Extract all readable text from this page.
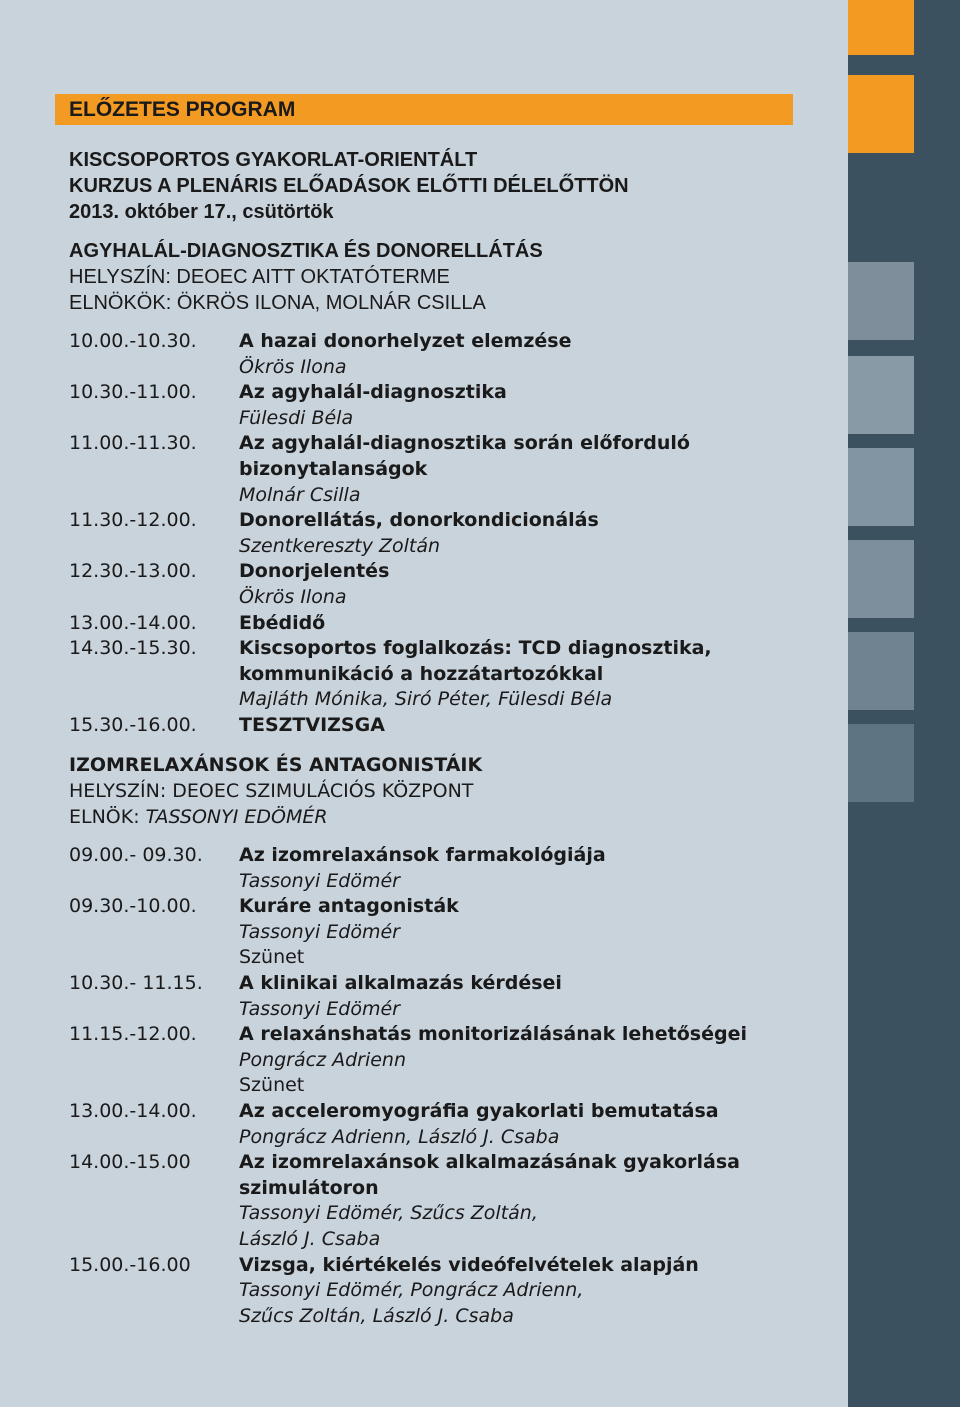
ELŐZETES PROGRAM
KISCSOPORTOS GYAKORLAT-ORIENTÁLT
KURZUS A PLENÁRIS ELŐADÁSOK ELŐTTI DÉLELŐTTÖN
2013. október 17., csütörtök
AGYHALÁL-DIAGNOSZTIKA ÉS DONORELLÁTÁS
HELYSZÍN: DEOEC AITT OKTATÓTERME
ELNÖKÖK: ÖKRÖS ILONA, MOLNÁR CSILLA
10.00.-10.30.	A hazai donorhelyzet elemzése
Ökrös Ilona
10.30.-11.00.	Az agyhalál-diagnosztika
Fülesdi Béla
11.00.-11.30.	Az agyhalál-diagnosztika során előforduló
bizonytalanságok
Molnár Csilla
11.30.-12.00.	Donorellátás, donorkondicionálás
Szentkereszty Zoltán
12.30.-13.00.	Donorjelentés
Ökrös Ilona
13.00.-14.00.	Ebédidő
14.30.-15.30.	Kiscsoportos foglalkozás: TCD diagnosztika,
kommunikáció a hozzátartozókkal
Majláth Mónika, Siró Péter, Fülesdi Béla
15.30.-16.00.	TESZTVIZSGA
IZOMRELAXÁNSOK ÉS ANTAGONISTÁIK
HELYSZÍN: DEOEC SZIMULÁCIÓS KÖZPONT
ELNÖK: TASSONYI EDÖMÉR
09.00.- 09.30.	Az izomrelaxánsok farmakológiája
Tassonyi Edömér
09.30.-10.00.	Kuráre antagonisták
Tassonyi Edömér
Szünet
10.30.- 11.15.	A klinikai alkalmazás kérdései
Tassonyi Edömér
11.15.-12.00.	A relaxánshatás monitorizálásának lehetőségei
Pongrácz Adrienn
Szünet
13.00.-14.00.	Az acceleromyográfia gyakorlati bemutatása
Pongrácz Adrienn, László J. Csaba
14.00.-15.00	Az izomrelaxánsok alkalmazásának gyakorlása
szimulátoron
Tassonyi Edömér, Szűcs Zoltán,
László J. Csaba
15.00.-16.00	Vizsga, kiértékelés videófelvételek alapján
Tassonyi Edömér, Pongrácz Adrienn,
Szűcs Zoltán, László J. Csaba
